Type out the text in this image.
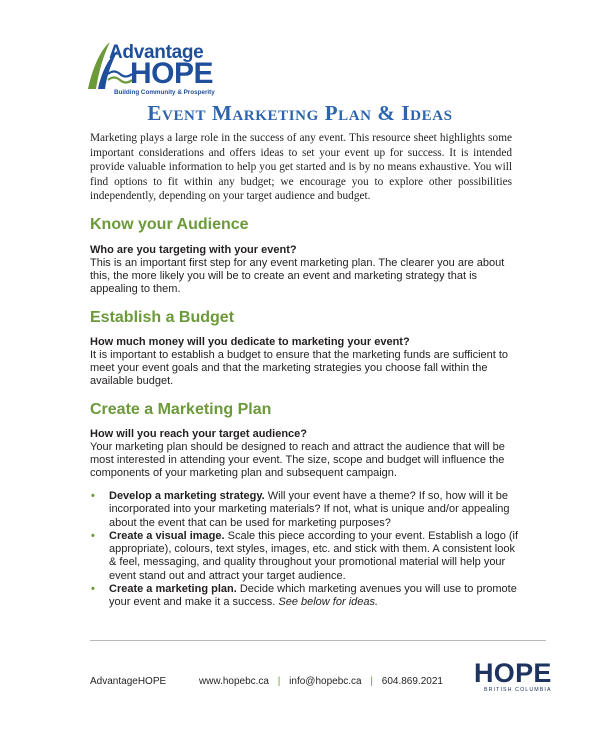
Advantage
HOPE
Building Community & Prosperity
Event Marketing Plan & Ideas

Marketing plays a large role in the success of any event. This resource sheet highlights some important considerations and offers ideas to set your event up for success. It is intended provide valuable information to help you get started and is by no means exhaustive. You will find options to fit within any budget; we encourage you to explore other possibilities independently, depending on your target audience and budget.

Know your Audience

Who are you targeting with your event?

This is an important first step for any event marketing plan. The clearer you are about this, the more likely you will be to create an event and marketing strategy that is appealing to them.

Establish a Budget

How much money will you dedicate to marketing your event?

It is important to establish a budget to ensure that the marketing funds are sufficient to meet your event goals and that the marketing strategies you choose fall within the available budget.

Create a Marketing Plan

How will you reach your target audience?

Your marketing plan should be designed to reach and attract the audience that will be most interested in attending your event. The size, scope and budget will influence the components of your marketing plan and subsequent campaign.

• Develop a marketing strategy. Will your event have a theme? If so, how will it be incorporated into your marketing materials? If not, what is unique and/or appealing about the event that can be used for marketing purposes?
• Create a visual image. Scale this piece according to your event. Establish a logo (if appropriate), colours, text styles, images, etc. and stick with them. A consistent look & feel, messaging, and quality throughout your promotional material will help your event stand out and attract your target audience.
• Create a marketing plan. Decide which marketing avenues you will use to promote your event and make it a success. See below for ideas.
AdvantageHOPE	www.hopebc.ca | info@hopebc.ca | 604.869.2021 HOPE
BRITISH COLUMBIA
